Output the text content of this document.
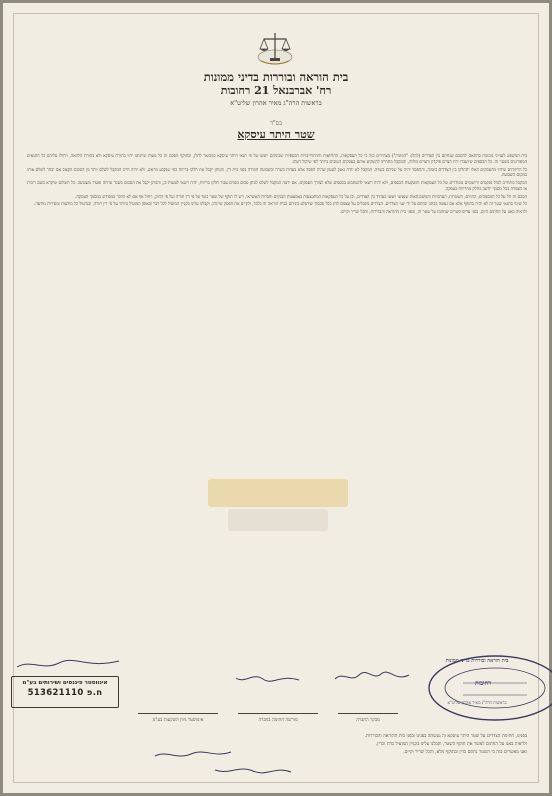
בית הוראה ובוררות בדיני ממונות
רח' אברבנאל 21 רחובות
בראשות הרה"ג מאיר אהרון שליט"א
בס"ד
שטר היתר עיסקא

בית המשפט לענייני ממונות בהתאם להסכם שנחתם בין הצדדים (להלן: "המזמין") מצהירים בזה כי כל העסקאות, ההלוואות וההתחייבויות הכספיות שביניהם ייעשו על פי תנאי היתר עיסקא כמבואר להלן, ובתוקף הסכם זה כל מעות שיינתנו יהיו בתורת עיסקא ולא בתורת הלוואה, ויחולו עליהם כל התנאים המפורטים בשטר זה. כל הכספים שיועברו יהיו חציים פיקדון וחציים מלווה, והמקבל מתחייב להשקיע אותם בעסקים הטובים ביותר לפי שיקול דעתו.

כל הריווחים שיהיו מהעסקים האלו יתחלקו בין הצדדים בשווה, וההפסד יהיה על שניהם בשווה. המקבל לא יהיה נאמן לטעון שהיה הפסד אלא בעדות כשרה ובשבועה חמורה בפני בית דין, והנותן יקבל את חלקו בריווח כפי שנקבע מראש, ולא יהיה חייב המקבל לשלם יותר מן הסכום הקצוב אם יבחר לשלם אותו במקום השבועה.

המקבל מתחייב לנהל פנקסים ורישומים מסודרים של כל העסקאות והשקעות הכספים, ולא יהיה רשאי להשתמש בכספים שלא לצורך העסקים. אם ירצה המקבל לשלם לנותן סכום מסוים עבור חלקו בריווח, יהיה רשאי לעשות כן, והנותן יקבל את הסכום כשכר טרחה ופטור משבועה. כל תשלום שיקרא בשם ריבית או הצמדה בכל מסמך יחשב כחלק מהריווח בעסקה.

הסכם זה חל על כל המסמכים, החוזים, השטרות, הערבויות והמשכנתאות שנעשו ויעשו בעתיד בין הצדדים, וכן על כל העסקאות המתבצעות באמצעות הבנקים וחברות האשראי, ויש לו תוקף של שטר כשר על פי דין תורה ועל פי החוק, ויחול אף אם לא הוזכר במפורש במסמך העסקה.

כל שינוי בתנאי שטר זה לא יהיה בתוקף אלא אם נעשה בכתב ונחתם על ידי שני הצדדים. הצדדים מקבלים על עצמם לדון בכל סכסוך שיתגלע ביניהם בבית הוראה זה בלבד, ולקיים את הפסק שיינתן. וקבלנו עלינו בקניין המועיל לכל דבר ובאופן המועיל ביותר על פי דין תורה, ובביטול כל מודעות ומסירות מודעה.

ולראיה באנו על החתום היום, בפני עדים כשרים שחתמו על שטר זה, ובפני בית ההוראה והבוררות, והכל שריר וקיים.

אינווסטר פיננסים ושירותים בע"מ
ח.פ 513621110
אינווסטר גיוון השקעות בע"מ	מורשה חתימה בחברה	מבקר החברה
בית הוראה ובוררות בדיני ממונות
רחובות
בראשות הרה"ג מאיר אהרון שליט"א
בפנינו, חתימת הצדדים על שטר היתר עיסקא זה נעשתה בפנינו ובפני בית ההוראה והבוררות.
ולראיה באנו על החתום לאשר את תוקף השטר, וקבלנו עלינו בקניין המועיל כדת וכדין.
ואנו מאשרים בזה כי השטר נחתם כדין ובתוקף מלא, והכל שריר וקיים.
